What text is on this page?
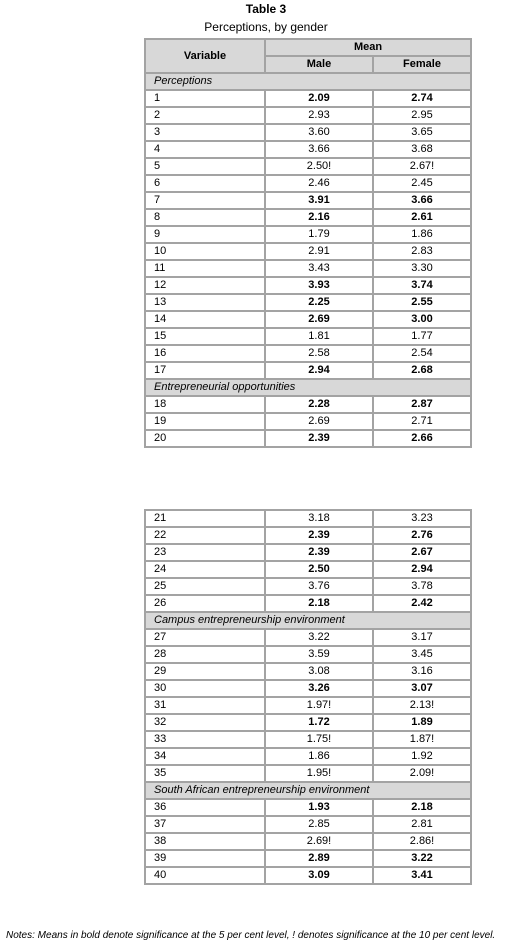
Table 3
Perceptions, by gender
Variable	Mean	
	Male	Female
Perceptions		
1	2.09	2.74
2	2.93	2.95
3	3.60	3.65
4	3.66	3.68
5	2.50!	2.67!
6	2.46	2.45
7	3.91	3.66
8	2.16	2.61
9	1.79	1.86
10	2.91	2.83
11	3.43	3.30
12	3.93	3.74
13	2.25	2.55
14	2.69	3.00
15	1.81	1.77
16	2.58	2.54
17	2.94	2.68
Entrepreneurial opportunities		
18	2.28	2.87
19	2.69	2.71
20	2.39	2.66
21	3.18	3.23
22	2.39	2.76
23	2.39	2.67
24	2.50	2.94
25	3.76	3.78
26	2.18	2.42
Campus entrepreneurship environment		
27	3.22	3.17
28	3.59	3.45
29	3.08	3.16
30	3.26	3.07
31	1.97!	2.13!
32	1.72	1.89
33	1.75!	1.87!
34	1.86	1.92
35	1.95!	2.09!
South African entrepreneurship environment		
36	1.93	2.18
37	2.85	2.81
38	2.69!	2.86!
39	2.89	3.22
40	3.09	3.41
Notes: Means in bold denote significance at the 5 per cent level, ! denotes significance at the 10 per cent level.
